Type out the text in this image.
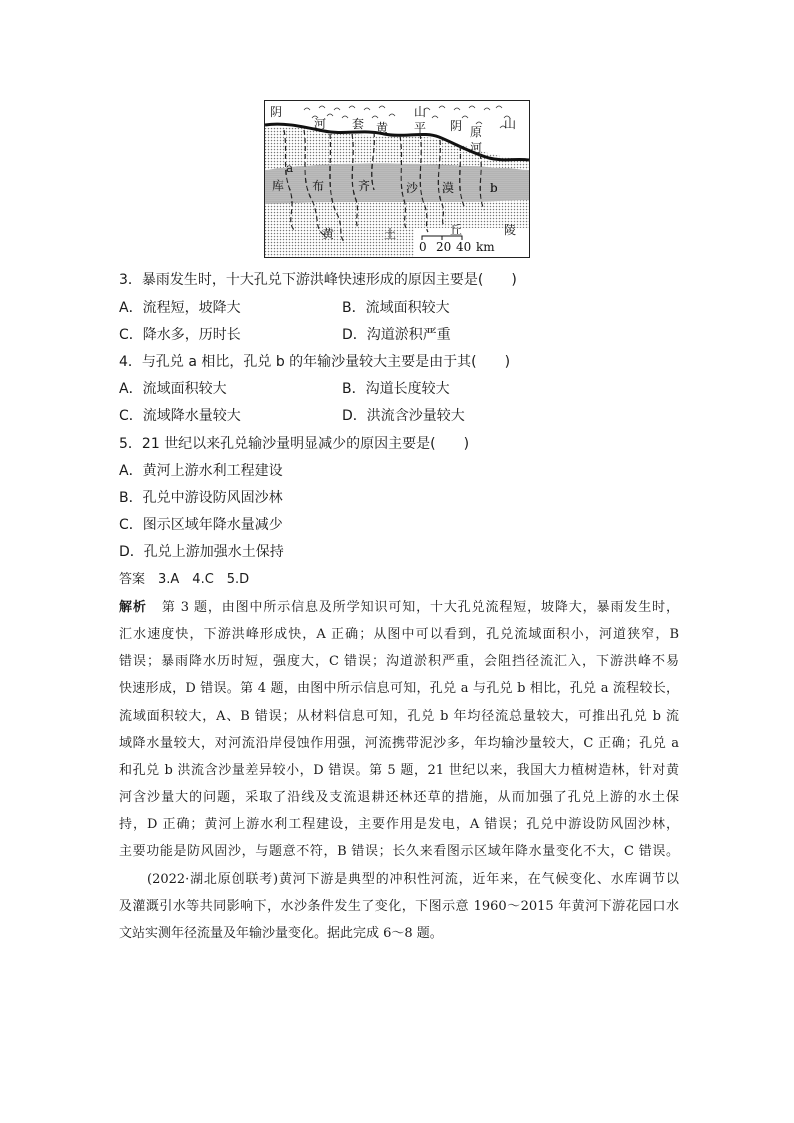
阴
河 套 黄
山
平 阴 原
山
河
库 布	齐	沙 漠	b
a
黄	土	丘	陵
0 20 40 km
3．暴雨发生时，十大孔兑下游洪峰快速形成的原因主要是(　　)
A．流程短，坡降大	B．流域面积较大
C．降水多，历时长	D．沟道淤积严重
4．与孔兑 a 相比，孔兑 b 的年输沙量较大主要是由于其(　　)
A．流域面积较大	B．沟道长度较大
C．流域降水量较大	D．洪流含沙量较大
5．21 世纪以来孔兑输沙量明显减少的原因主要是(　　)
A．黄河上游水利工程建设
B．孔兑中游设防风固沙林
C．图示区域年降水量减少
D．孔兑上游加强水土保持
答案　3.A　4.C　5.D
解析 第 3 题，由图中所示信息及所学知识可知，十大孔兑流程短，坡降大，暴雨发生时，
汇水速度快，下游洪峰形成快，A 正确；从图中可以看到，孔兑流域面积小，河道狭窄，B
错误；暴雨降水历时短，强度大，C 错误；沟道淤积严重，会阻挡径流汇入，下游洪峰不易
快速形成，D 错误。第 4 题，由图中所示信息可知，孔兑 a 与孔兑 b 相比，孔兑 a 流程较长，
流域面积较大，A、B 错误；从材料信息可知，孔兑 b 年均径流总量较大，可推出孔兑 b 流
域降水量较大，对河流沿岸侵蚀作用强，河流携带泥沙多，年均输沙量较大，C 正确；孔兑 a
和孔兑 b 洪流含沙量差异较小，D 错误。第 5 题，21 世纪以来，我国大力植树造林，针对黄
河含沙量大的问题，采取了沿线及支流退耕还林还草的措施，从而加强了孔兑上游的水土保
持，D 正确；黄河上游水利工程建设，主要作用是发电，A 错误；孔兑中游设防风固沙林，
主要功能是防风固沙，与题意不符，B 错误；长久来看图示区域年降水量变化不大，C 错误。
(2022·湖北原创联考)黄河下游是典型的冲积性河流，近年来，在气候变化、水库调节以
及灌溉引水等共同影响下，水沙条件发生了变化，下图示意 1960～2015 年黄河下游花园口水
文站实测年径流量及年输沙量变化。据此完成 6～8 题。
